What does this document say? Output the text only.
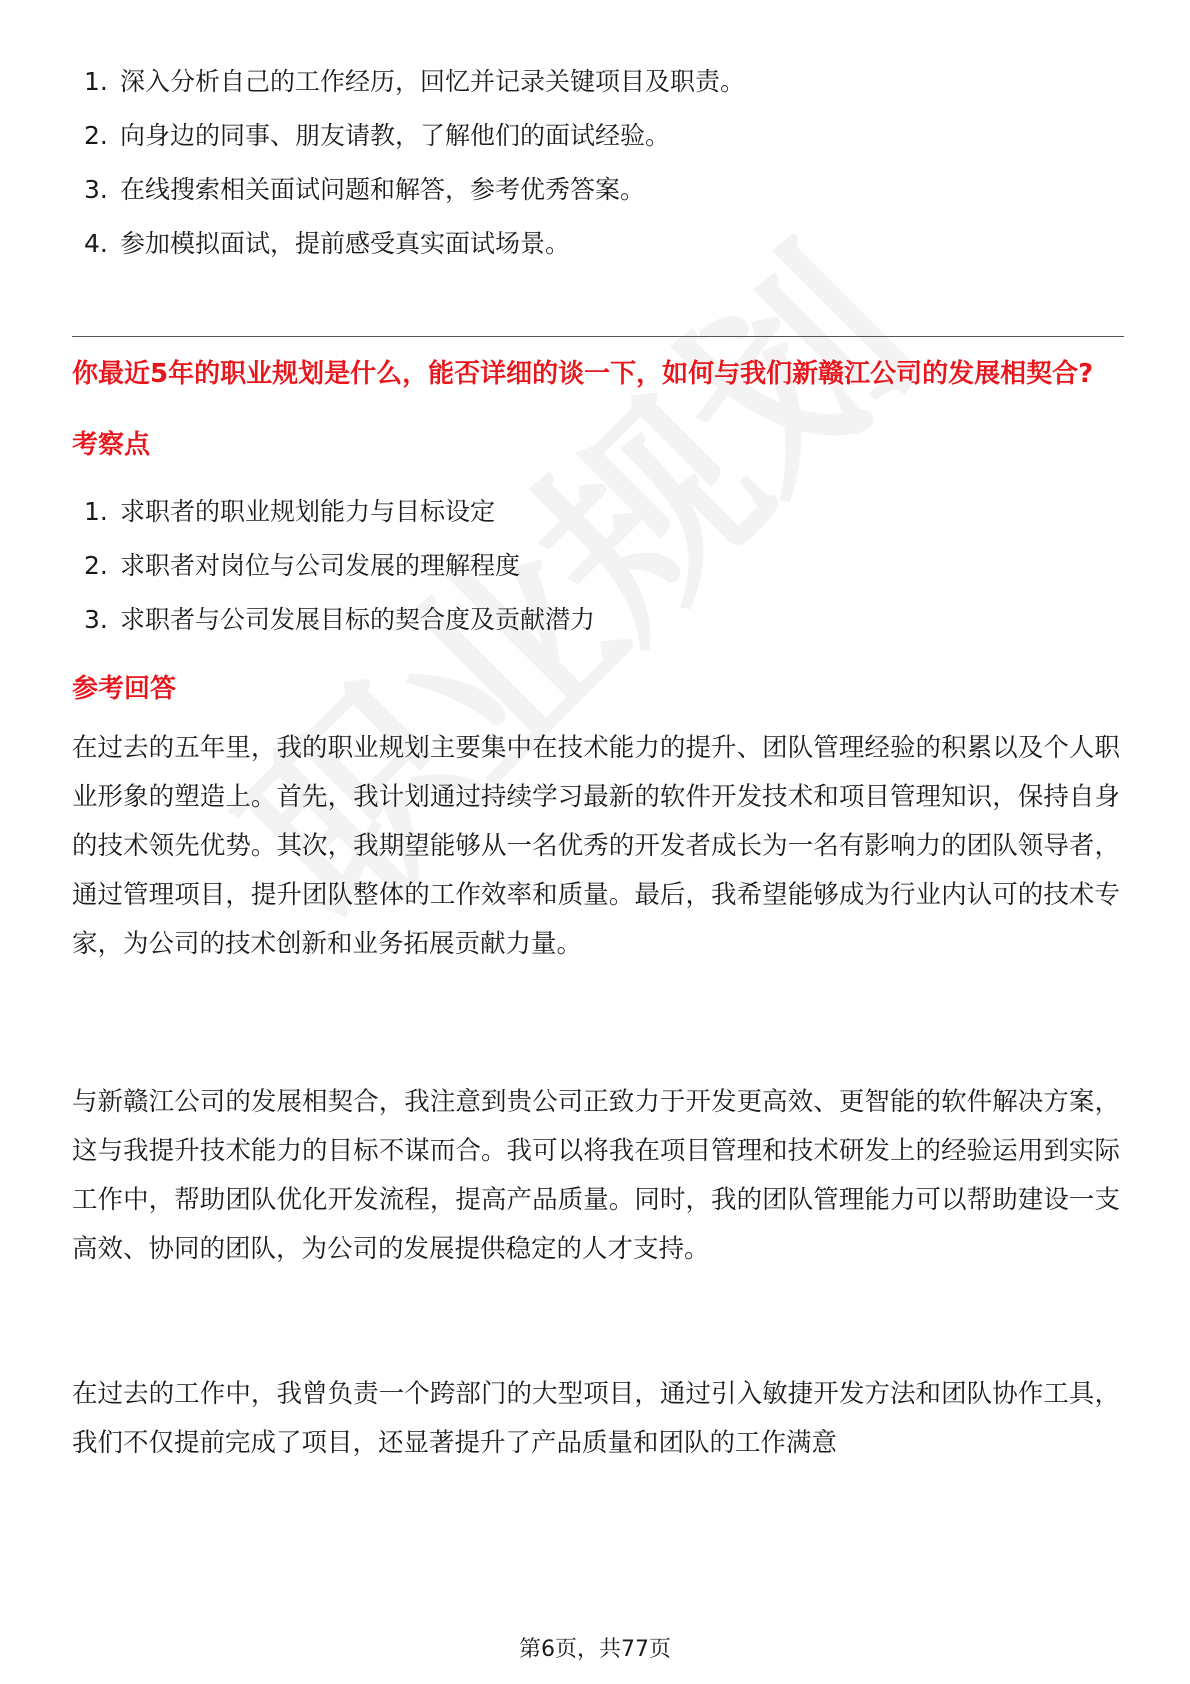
1. 深入分析自己的工作经历，回忆并记录关键项目及职责。
2. 向身边的同事、朋友请教，了解他们的面试经验。
3. 在线搜索相关面试问题和解答，参考优秀答案。
4. 参加模拟面试，提前感受真实面试场景。
你最近5年的职业规划是什么，能否详细的谈一下，如何与我们新赣江公司的发展相契合?
考察点
1. 求职者的职业规划能力与目标设定
2. 求职者对岗位与公司发展的理解程度
3. 求职者与公司发展目标的契合度及贡献潜力
参考回答
在过去的五年里，我的职业规划主要集中在技术能力的提升、团队管理经验的积累以及个人职业形象的塑造上。首先，我计划通过持续学习最新的软件开发技术和项目管理知识，保持自身的技术领先优势。其次，我期望能够从一名优秀的开发者成长为一名有影响力的团队领导者，通过管理项目，提升团队整体的工作效率和质量。最后，我希望能够成为行业内认可的技术专家，为公司的技术创新和业务拓展贡献力量。
与新赣江公司的发展相契合，我注意到贵公司正致力于开发更高效、更智能的软件解决方案，这与我提升技术能力的目标不谋而合。我可以将我在项目管理和技术研发上的经验运用到实际工作中，帮助团队优化开发流程，提高产品质量。同时，我的团队管理能力可以帮助建设一支高效、协同的团队，为公司的发展提供稳定的人才支持。
在过去的工作中，我曾负责一个跨部门的大型项目，通过引入敏捷开发方法和团队协作工具，我们不仅提前完成了项目，还显著提升了产品质量和团队的工作满意
第6页，共77页
